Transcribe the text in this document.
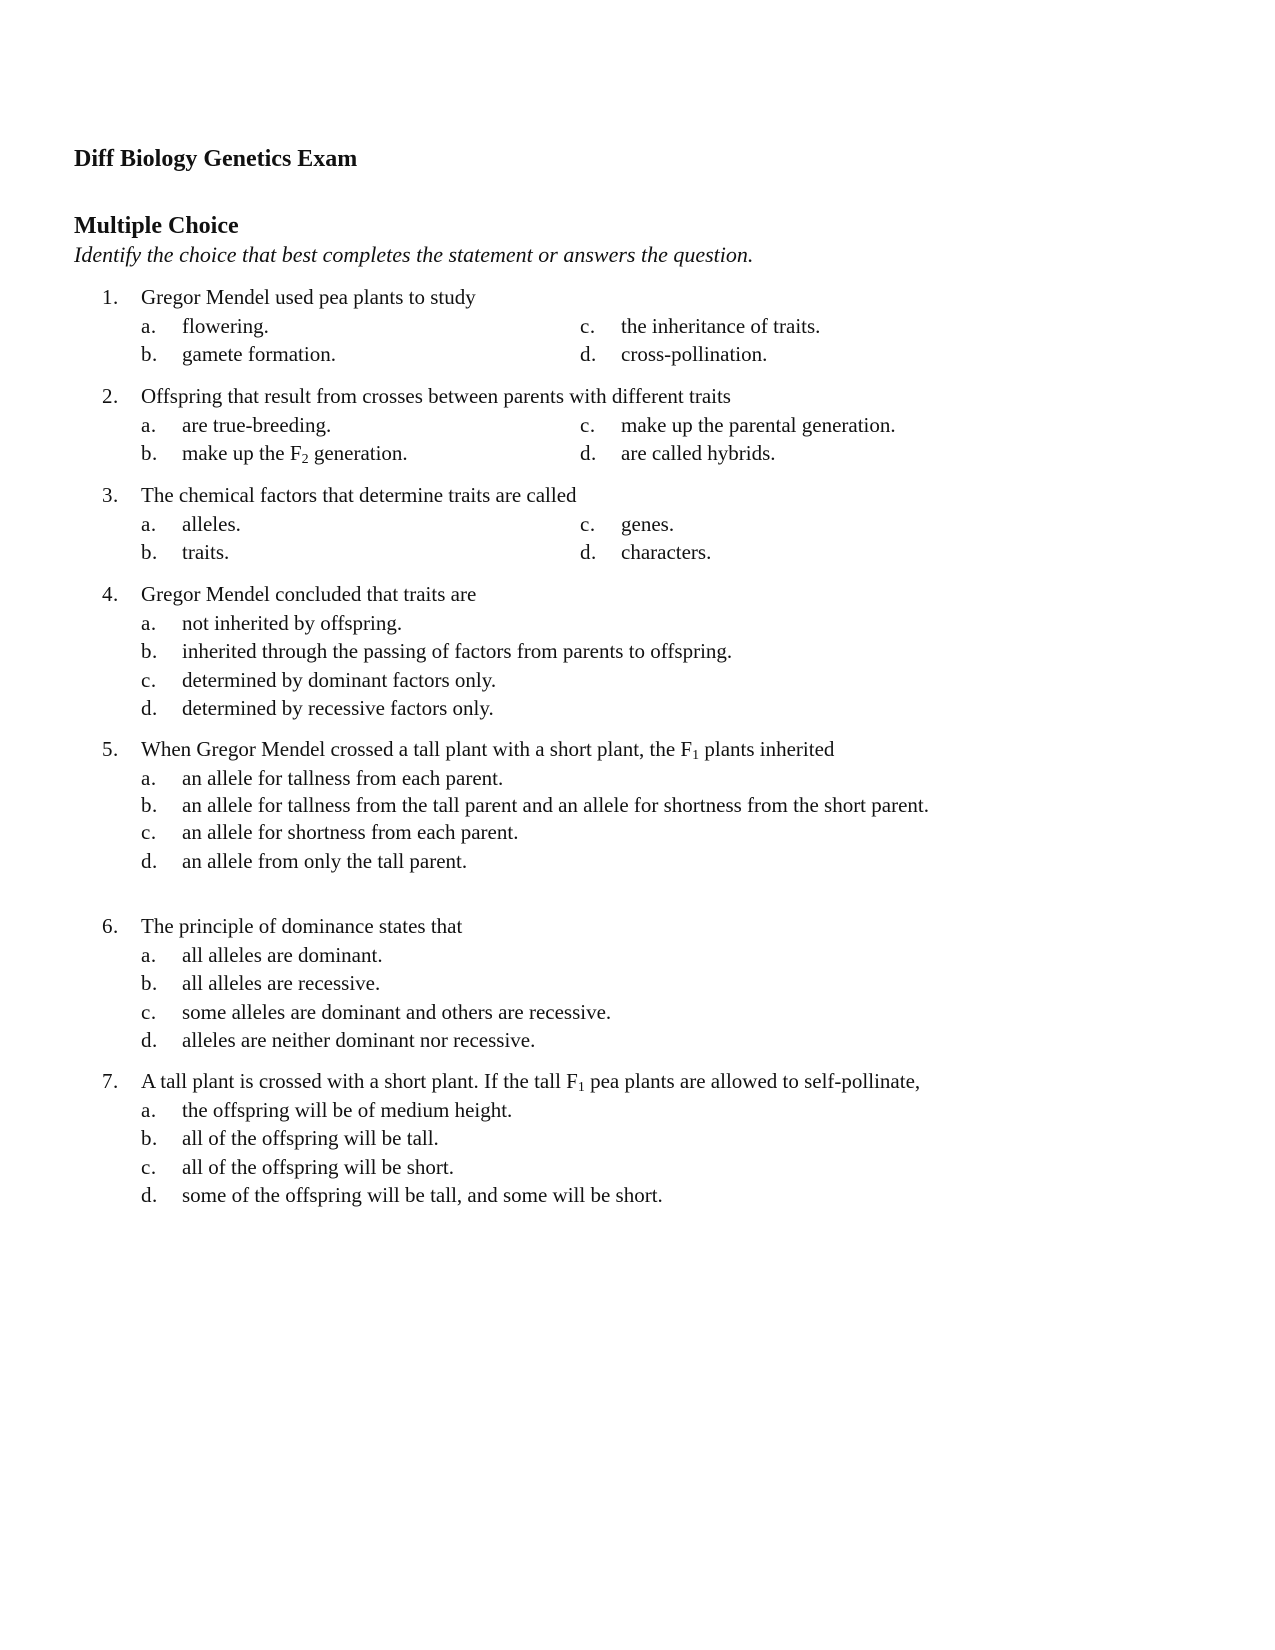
Diff Biology Genetics Exam
Multiple Choice

Identify the choice that best completes the statement or answers the question.

1. Gregor Mendel used pea plants to study
a. flowering.
b. gamete formation.
c. the inheritance of traits.
d. cross-pollination.
2. Offspring that result from crosses between parents with different traits
a. are true-breeding.
b. make up the $F_2$ generation.
c. make up the parental generation.
d. are called hybrids.
3. The chemical factors that determine traits are called
a. alleles.
b. traits.
c. genes.
d. characters.
4. Gregor Mendel concluded that traits are
a. not inherited by offspring.
b. inherited through the passing of factors from parents to offspring.
c. determined by dominant factors only.
d. determined by recessive factors only.
5. When Gregor Mendel crossed a tall plant with a short plant, the $F_1$ plants inherited
a. an allele for tallness from each parent.
b. an allele for tallness from the tall parent and an allele for shortness from the short parent.
c. an allele for shortness from each parent.
d. an allele from only the tall parent.
6. The principle of dominance states that
a. all alleles are dominant.
b. all alleles are recessive.
c. some alleles are dominant and others are recessive.
d. alleles are neither dominant nor recessive.
7. A tall plant is crossed with a short plant. If the tall $F_1$ pea plants are allowed to self-pollinate,
a. the offspring will be of medium height.
b. all of the offspring will be tall.
c. all of the offspring will be short.
d. some of the offspring will be tall, and some will be short.
